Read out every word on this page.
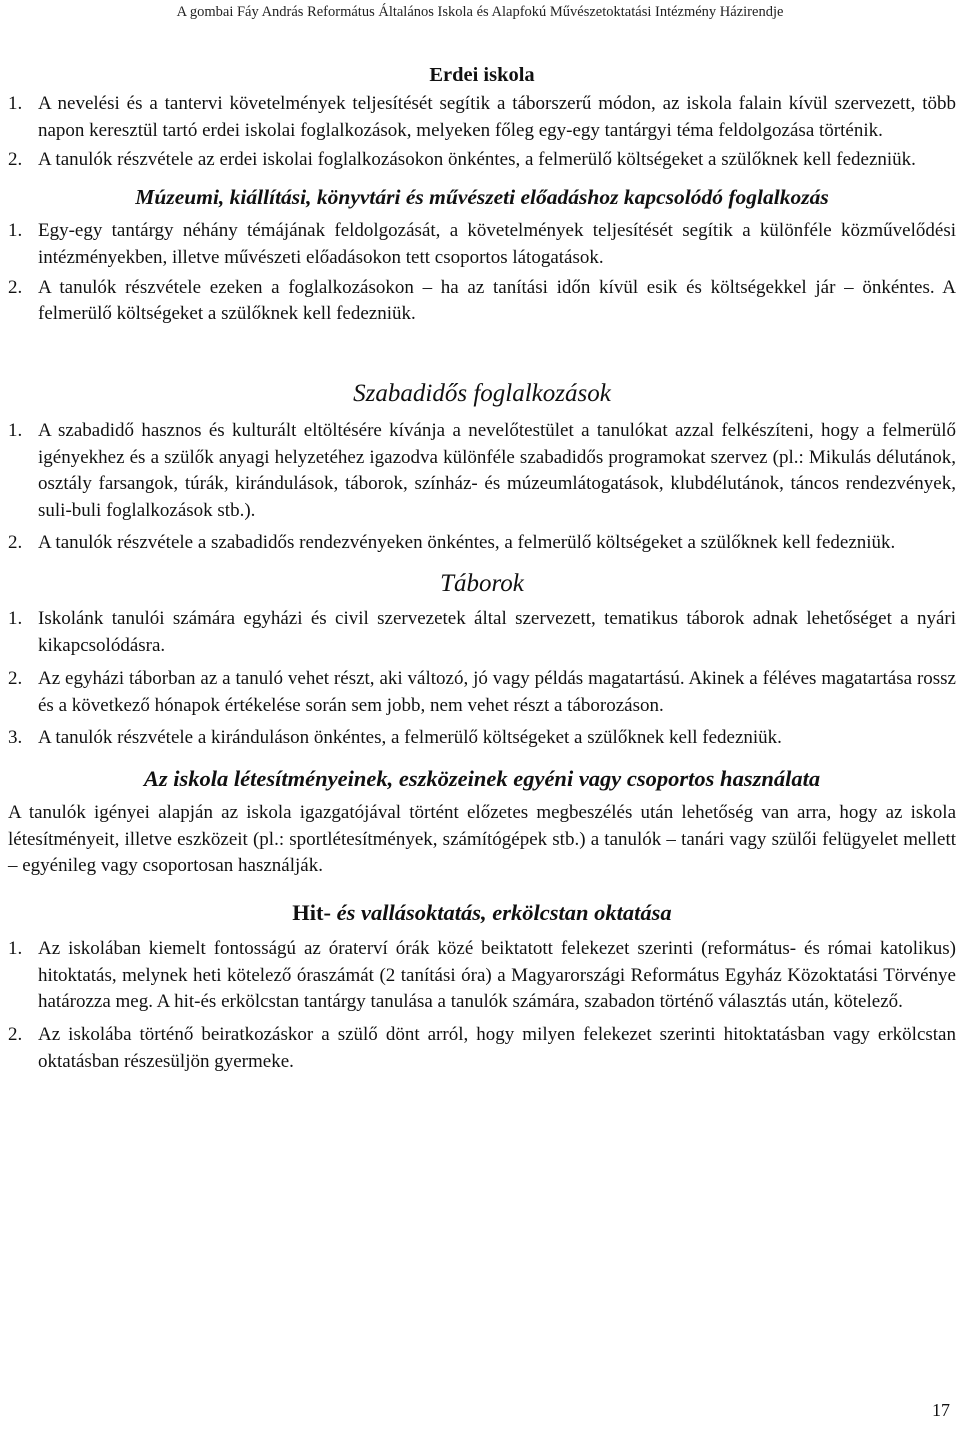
A gombai Fáy András Református Általános Iskola és Alapfokú Művészetoktatási Intézmény Házirendje
Erdei iskola
1. A nevelési és a tantervi követelmények teljesítését segítik a táborszerű módon, az iskola falain kívül szervezett, több napon keresztül tartó erdei iskolai foglalkozások, melyeken főleg egy-egy tantárgyi téma feldolgozása történik.
2. A tanulók részvétele az erdei iskolai foglalkozásokon önkéntes, a felmerülő költségeket a szülőknek kell fedezniük.
Múzeumi, kiállítási, könyvtári és művészeti előadáshoz kapcsolódó foglalkozás
1. Egy-egy tantárgy néhány témájának feldolgozását, a követelmények teljesítését segítik a különféle közművelődési intézményekben, illetve művészeti előadásokon tett csoportos látogatások.
2. A tanulók részvétele ezeken a foglalkozásokon – ha az tanítási időn kívül esik és költségekkel jár – önkéntes. A felmerülő költségeket a szülőknek kell fedezniük.
Szabadidős foglalkozások
1. A szabadidő hasznos és kulturált eltöltésére kívánja a nevelőtestület a tanulókat azzal felkészíteni, hogy a felmerülő igényekhez és a szülők anyagi helyzetéhez igazodva különféle szabadidős programokat szervez (pl.: Mikulás délutánok, osztály farsangok, túrák, kirándulások, táborok, színház- és múzeumlátogatások, klubdélutánok, táncos rendezvények, suli-buli foglalkozások stb.).
2. A tanulók részvétele a szabadidős rendezvényeken önkéntes, a felmerülő költségeket a szülőknek kell fedezniük.
Táborok
1. Iskolánk tanulói számára egyházi és civil szervezetek által szervezett, tematikus táborok adnak lehetőséget a nyári kikapcsolódásra.
2. Az egyházi táborban az a tanuló vehet részt, aki változó, jó vagy példás magatartású. Akinek a féléves magatartása rossz és a következő hónapok értékelése során sem jobb, nem vehet részt a táborozáson.
3. A tanulók részvétele a kiránduláson önkéntes, a felmerülő költségeket a szülőknek kell fedezniük.
Az iskola létesítményeinek, eszközeinek egyéni vagy csoportos használata

A tanulók igényei alapján az iskola igazgatójával történt előzetes megbeszélés után lehetőség van arra, hogy az iskola létesítményeit, illetve eszközeit (pl.: sportlétesítmények, számítógépek stb.) a tanulók – tanári vagy szülői felügyelet mellett – egyénileg vagy csoportosan használják.

Hit- és vallásoktatás, erkölcstan oktatása
1. Az iskolában kiemelt fontosságú az óraterví órák közé beiktatott felekezet szerinti (református- és római katolikus) hitoktatás, melynek heti kötelező óraszámát (2 tanítási óra) a Magyarországi Református Egyház Közoktatási Törvénye határozza meg. A hit-és erkölcstan tantárgy tanulása a tanulók számára, szabadon történő választás után, kötelező.
2. Az iskolába történő beiratkozáskor a szülő dönt arról, hogy milyen felekezet szerinti hitoktatásban vagy erkölcstan oktatásban részesüljön gyermeke.
17
